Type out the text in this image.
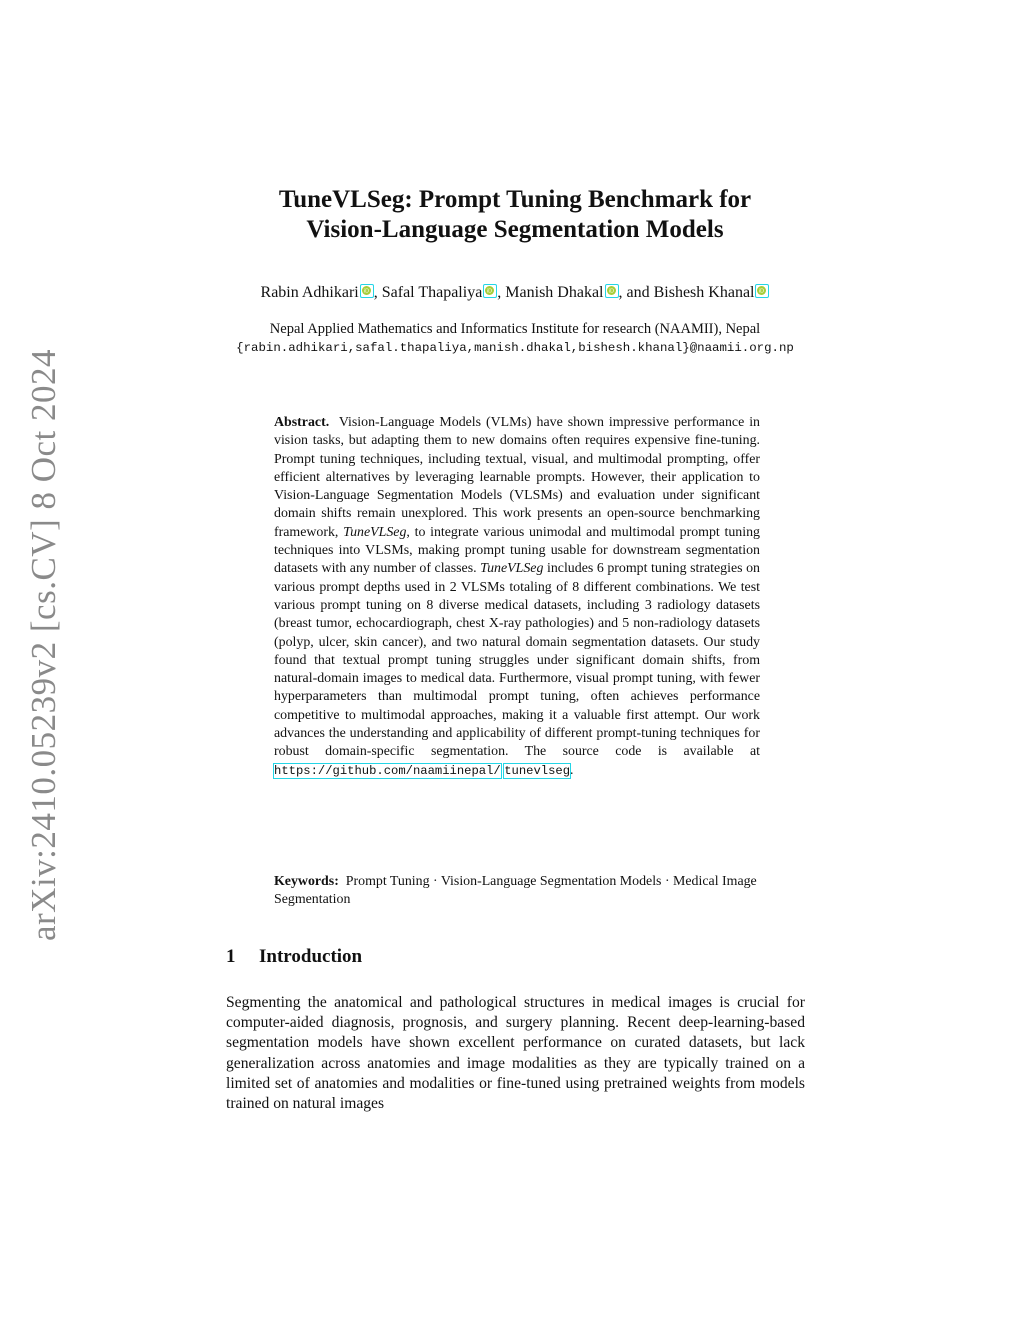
arXiv:2410.05239v2 [cs.CV] 8 Oct 2024
TuneVLSeg: Prompt Tuning Benchmark for
Vision-Language Segmentation Models
Rabin Adhikari iD , Safal Thapaliya iD , Manish Dhakal iD , and Bishesh Khanal iD
Nepal Applied Mathematics and Informatics Institute for research (NAAMII), Nepal
{rabin.adhikari,safal.thapaliya,manish.dhakal,bishesh.khanal}@naamii.org.np
Abstract. Vision-Language Models (VLMs) have shown impressive performance in vision tasks, but adapting them to new domains often requires expensive fine-tuning. Prompt tuning techniques, including textual, visual, and multimodal prompting, offer efficient alternatives by leveraging learnable prompts. However, their application to Vision-Language Segmentation Models (VLSMs) and evaluation under significant domain shifts remain unexplored. This work presents an open-source benchmarking framework, TuneVLSeg, to integrate various unimodal and multimodal prompt tuning techniques into VLSMs, making prompt tuning usable for downstream segmentation datasets with any number of classes. TuneVLSeg includes 6 prompt tuning strategies on various prompt depths used in 2 VLSMs totaling of 8 different combinations. We test various prompt tuning on 8 diverse medical datasets, including 3 radiology datasets (breast tumor, echocardiograph, chest X-ray pathologies) and 5 non-radiology datasets (polyp, ulcer, skin cancer), and two natural domain segmentation datasets. Our study found that textual prompt tuning struggles under significant domain shifts, from natural-domain images to medical data. Furthermore, visual prompt tuning, with fewer hyperparameters than multimodal prompt tuning, often achieves performance competitive to multimodal approaches, making it a valuable first attempt. Our work advances the understanding and applicability of different prompt-tuning techniques for robust domain-specific segmentation. The source code is available at https://github.com/naamiinepal/ tunevlseg.
Keywords: Prompt Tuning · Vision-Language Segmentation Models · Medical Image Segmentation
1 Introduction
Segmenting the anatomical and pathological structures in medical images is crucial for computer-aided diagnosis, prognosis, and surgery planning. Recent deep-learning-based segmentation models have shown excellent performance on curated datasets, but lack generalization across anatomies and image modalities as they are typically trained on a limited set of anatomies and modalities or fine-tuned using pretrained weights from models trained on natural images
